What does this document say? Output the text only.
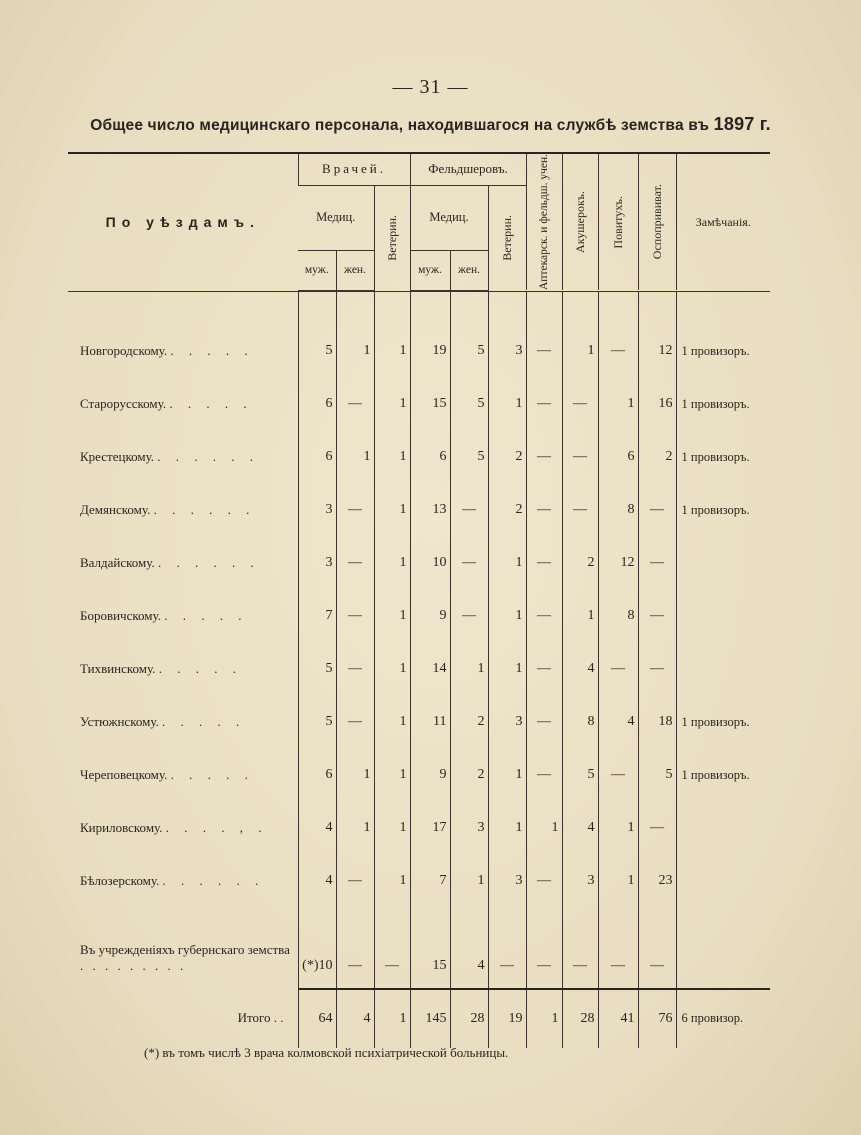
— 31 —
Общее число медицинскаго персонала, находившагося на службѣ земства въ 1897 г.
По уѣздамъ.	Врачей.			Фельдшеровъ.			Аптекарск. и фельдш. учен.	Акушерокъ.	Повитухъ.	Оспопрививат.	Замѣчанія.
	Медиц.		Ветерин.	Медиц.		Ветерин.					

	муж.	жен.		муж.	жен.						

Новгородскому. . . . . .	5	1	1	19	5	3	—	1	—	12	1 провизоръ.
Старорусскому. . . . . .	6	—	1	15	5	1	—	—	1	16	1 провизоръ.
Крестецкому. . . . . . .	6	1	1	6	5	2	—	—	6	2	1 провизоръ.
Демянскому. . . . . . .	3	—	1	13	—	2	—	—	8	—	1 провизоръ.
Валдайскому. . . . . . .	3	—	1	10	—	1	—	2	12	—	
Боровичскому. . . . . .	7	—	1	9	—	1	—	1	8	—	
Тихвинскому. . . . . .	5	—	1	14	1	1	—	4	—	—	
Устюжнскому. . . . . .	5	—	1	11	2	3	—	8	4	18	1 провизоръ.
Череповецкому. . . . . .	6	1	1	9	2	1	—	5	—	5	1 провизоръ.
Кириловскому. . . . . , .	4	1	1	17	3	1	1	4	1	—	
Бѣлозерскому. . . . . . .	4	—	1	7	1	3	—	3	1	23	
Въ учрежденіяхъ губернскаго земства . . . . . . . . .	(*)10	—	—	15	4	—	—	—	—	—	

Итого . .	64	4	1	145	28	19	1	28	41	76	6 провизор.
(*) въ томъ числѣ 3 врача колмовской психіатрической больницы.
